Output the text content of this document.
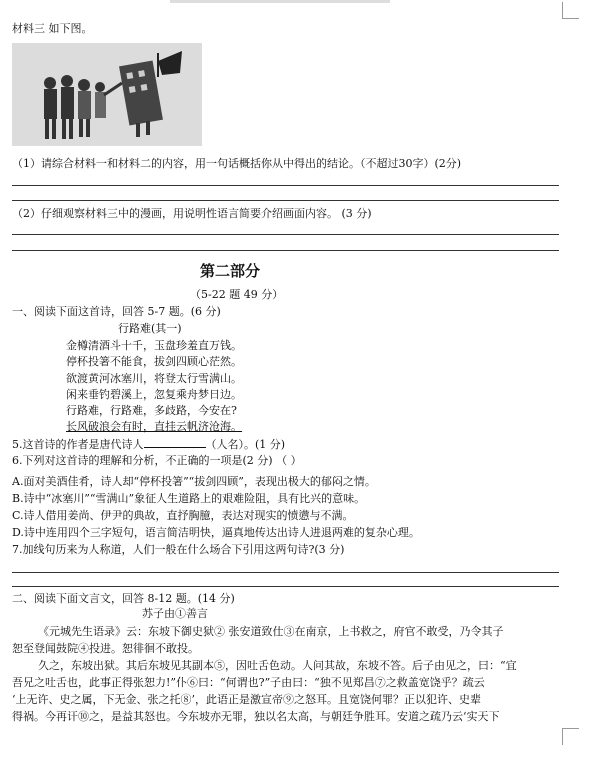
材料三 如下图。
（1）请综合材料一和材料二的内容，用一句话概括你从中得出的结论。（不超过30字）(2分)
（2）仔细观察材料三中的漫画，用说明性语言简要介绍画面内容。 (3 分)
第二部分
（5-22 题 49 分）
一、阅读下面这首诗，回答 5-7 题。(6 分)
行路难(其一)
金樽清酒斗十千，玉盘珍羞直万钱。
停杯投箸不能食，拔剑四顾心茫然。
欲渡黄河冰塞川，将登太行雪满山。
闲来垂钓碧溪上，忽复乘舟梦日边。
行路难，行路难，多歧路，今安在?
长风破浪会有时，直挂云帆济沧海。
5.这首诗的作者是唐代诗人	（人名）。(1 分)
6.下列对这首诗的理解和分析，不正确的一项是(2 分) （ ）
A.面对美酒佳肴，诗人却“停杯投箸”“拔剑四顾”，表现出极大的郁闷之情。
B.诗中“冰塞川”“雪满山”象征人生道路上的艰难险阻，具有比兴的意味。
C.诗人借用姜尚、伊尹的典故，直抒胸臆，表达对现实的愤懑与不满。
D.诗中连用四个三字短句，语言简洁明快，逼真地传达出诗人进退两难的复杂心理。
7.加线句历来为人称道，人们一般在什么场合下引用这两句诗?(3 分)
二、阅读下面文言文，回答 8-12 题。(14 分)
苏子由①善言
《元城先生语录》云：东坡下御史狱② 张安道致仕③在南京，上书救之，府官不敢受，乃令其子
恕至登闻鼓院④投进。恕徘徊不敢投。
久之，东坡出狱。其后东坡见其副本⑤，因吐舌色动。人问其故，东坡不答。后子由见之，曰：“宜
吾兄之吐舌也，此事正得张恕力!”仆⑥曰：“何谓也?”子由曰：“独不见郑昌⑦之救盖宽饶乎？疏云
‘上无许、史之属，下无金、张之托⑧’，此语正是激宣帝⑨之怒耳。且宽饶何罪？正以犯许、史辈
得祸。今再讦⑩之，是益其怒也。今东坡亦无罪，独以名太高，与朝廷争胜耳。安道之疏乃云‘实天下
